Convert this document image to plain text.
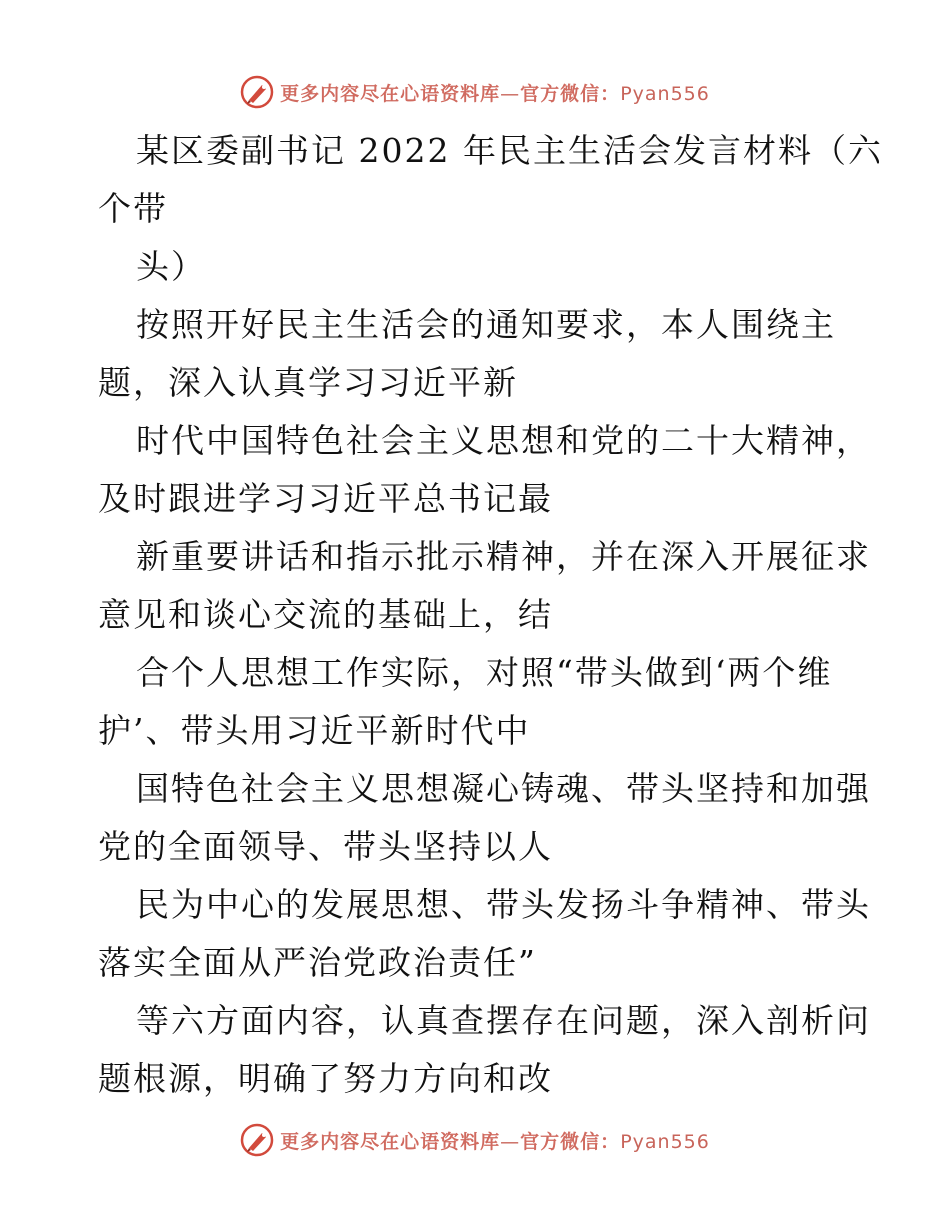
更多内容尽在心语资料库—官方微信：Pyan556

某区委副书记 2022 年民主生活会发言材料（六
个带
头）

按照开好民主生活会的通知要求，本人围绕主
题，深入认真学习习近平新

时代中国特色社会主义思想和党的二十大精神，
及时跟进学习习近平总书记最

新重要讲话和指示批示精神，并在深入开展征求
意见和谈心交流的基础上，结

合个人思想工作实际，对照“带头做到‘两个维
护’、带头用习近平新时代中

国特色社会主义思想凝心铸魂、带头坚持和加强
党的全面领导、带头坚持以人

民为中心的发展思想、带头发扬斗争精神、带头
落实全面从严治党政治责任”

等六方面内容，认真查摆存在问题，深入剖析问
题根源，明确了努力方向和改

更多内容尽在心语资料库—官方微信：Pyan556
